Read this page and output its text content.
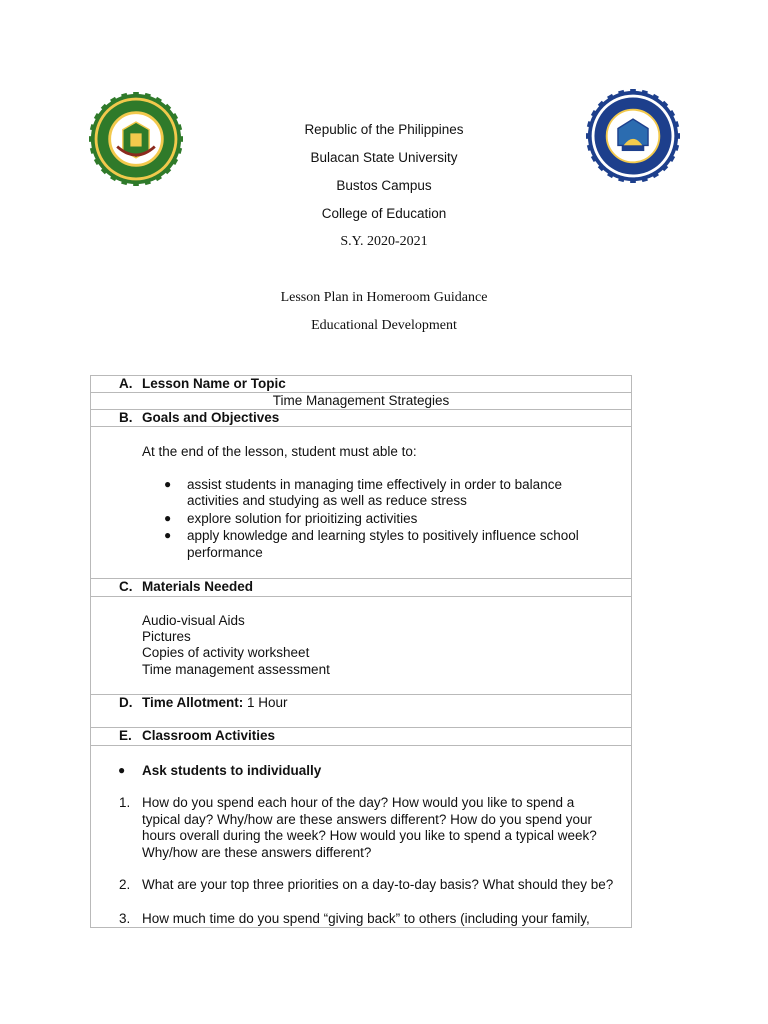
Republic of the Philippines
Bulacan State University
Bustos Campus
College of Education
S.Y. 2020-2021
Lesson Plan in Homeroom Guidance
Educational Development
A. Lesson Name or Topic
Time Management Strategies
B. Goals and Objectives
At the end of the lesson, student must able to:
● assist students in managing time effectively in order to balance
activities and studying as well as reduce stress
● explore solution for prioitizing activities
● apply knowledge and learning styles to positively influence school
performance
C. Materials Needed
Audio-visual Aids
Pictures
Copies of activity worksheet
Time management assessment
D. Time Allotment: 1 Hour
E. Classroom Activities
● Ask students to individually
1. How do you spend each hour of the day? How would you like to spend a
typical day? Why/how are these answers different? How do you spend your
hours overall during the week? How would you like to spend a typical week?
Why/how are these answers different?
2. What are your top three priorities on a day-to-day basis? What should they be?
3. How much time do you spend “giving back” to others (including your family,
